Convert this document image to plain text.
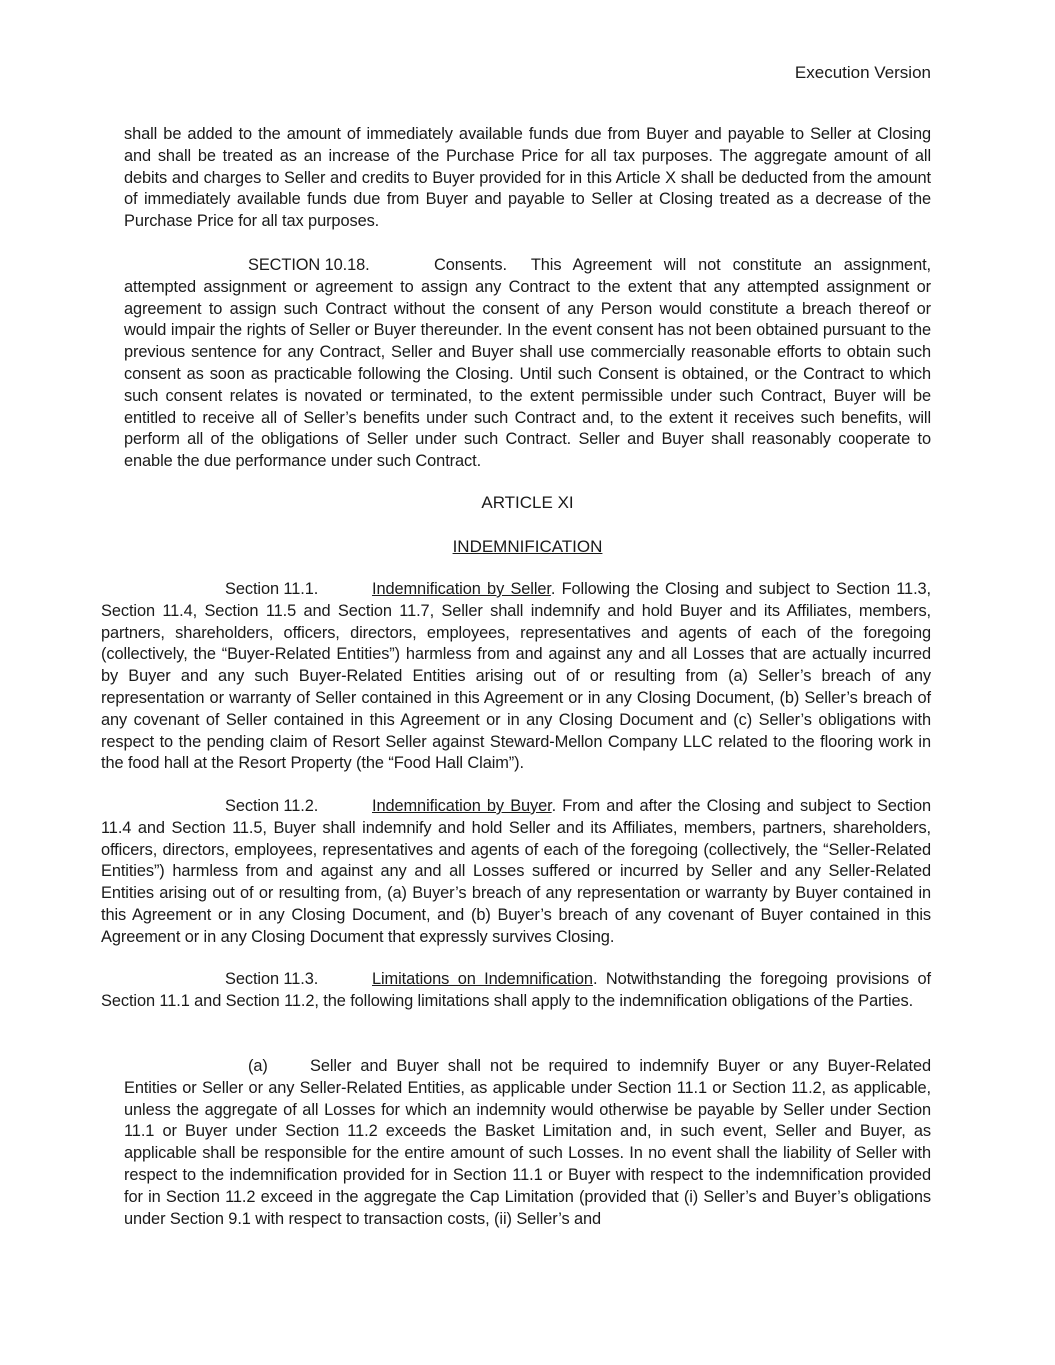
Execution Version
shall be added to the amount of immediately available funds due from Buyer and payable to Seller at Closing and shall be treated as an increase of the Purchase Price for all tax purposes. The aggregate amount of all debits and charges to Seller and credits to Buyer provided for in this Article X shall be deducted from the amount of immediately available funds due from Buyer and payable to Seller at Closing treated as a decrease of the Purchase Price for all tax purposes.
SECTION 10.18.	Consents. This Agreement will not constitute an assignment, attempted assignment or agreement to assign any Contract to the extent that any attempted assignment or agreement to assign such Contract without the consent of any Person would constitute a breach thereof or would impair the rights of Seller or Buyer thereunder. In the event consent has not been obtained pursuant to the previous sentence for any Contract, Seller and Buyer shall use commercially reasonable efforts to obtain such consent as soon as practicable following the Closing. Until such Consent is obtained, or the Contract to which such consent relates is novated or terminated, to the extent permissible under such Contract, Buyer will be entitled to receive all of Seller’s benefits under such Contract and, to the extent it receives such benefits, will perform all of the obligations of Seller under such Contract. Seller and Buyer shall reasonably cooperate to enable the due performance under such Contract.
ARTICLE XI
INDEMNIFICATION
Section 11.1.	Indemnification by Seller. Following the Closing and subject to Section 11.3, Section 11.4, Section 11.5 and Section 11.7, Seller shall indemnify and hold Buyer and its Affiliates, members, partners, shareholders, officers, directors, employees, representatives and agents of each of the foregoing (collectively, the “Buyer-Related Entities”) harmless from and against any and all Losses that are actually incurred by Buyer and any such Buyer-Related Entities arising out of or resulting from (a) Seller’s breach of any representation or warranty of Seller contained in this Agreement or in any Closing Document, (b) Seller’s breach of any covenant of Seller contained in this Agreement or in any Closing Document and (c) Seller’s obligations with respect to the pending claim of Resort Seller against Steward-Mellon Company LLC related to the flooring work in the food hall at the Resort Property (the “Food Hall Claim”).
Section 11.2.	Indemnification by Buyer. From and after the Closing and subject to Section 11.4 and Section 11.5, Buyer shall indemnify and hold Seller and its Affiliates, members, partners, shareholders, officers, directors, employees, representatives and agents of each of the foregoing (collectively, the “Seller-Related Entities”) harmless from and against any and all Losses suffered or incurred by Seller and any Seller-Related Entities arising out of or resulting from, (a) Buyer’s breach of any representation or warranty by Buyer contained in this Agreement or in any Closing Document, and (b) Buyer’s breach of any covenant of Buyer contained in this Agreement or in any Closing Document that expressly survives Closing.
Section 11.3.	Limitations on Indemnification. Notwithstanding the foregoing provisions of Section 11.1 and Section 11.2, the following limitations shall apply to the indemnification obligations of the Parties.
(a)	Seller and Buyer shall not be required to indemnify Buyer or any Buyer-Related Entities or Seller or any Seller-Related Entities, as applicable under Section 11.1 or Section 11.2, as applicable, unless the aggregate of all Losses for which an indemnity would otherwise be payable by Seller under Section 11.1 or Buyer under Section 11.2 exceeds the Basket Limitation and, in such event, Seller and Buyer, as applicable shall be responsible for the entire amount of such Losses. In no event shall the liability of Seller with respect to the indemnification provided for in Section 11.1 or Buyer with respect to the indemnification provided for in Section 11.2 exceed in the aggregate the Cap Limitation (provided that (i) Seller’s and Buyer’s obligations under Section 9.1 with respect to transaction costs, (ii) Seller’s and
